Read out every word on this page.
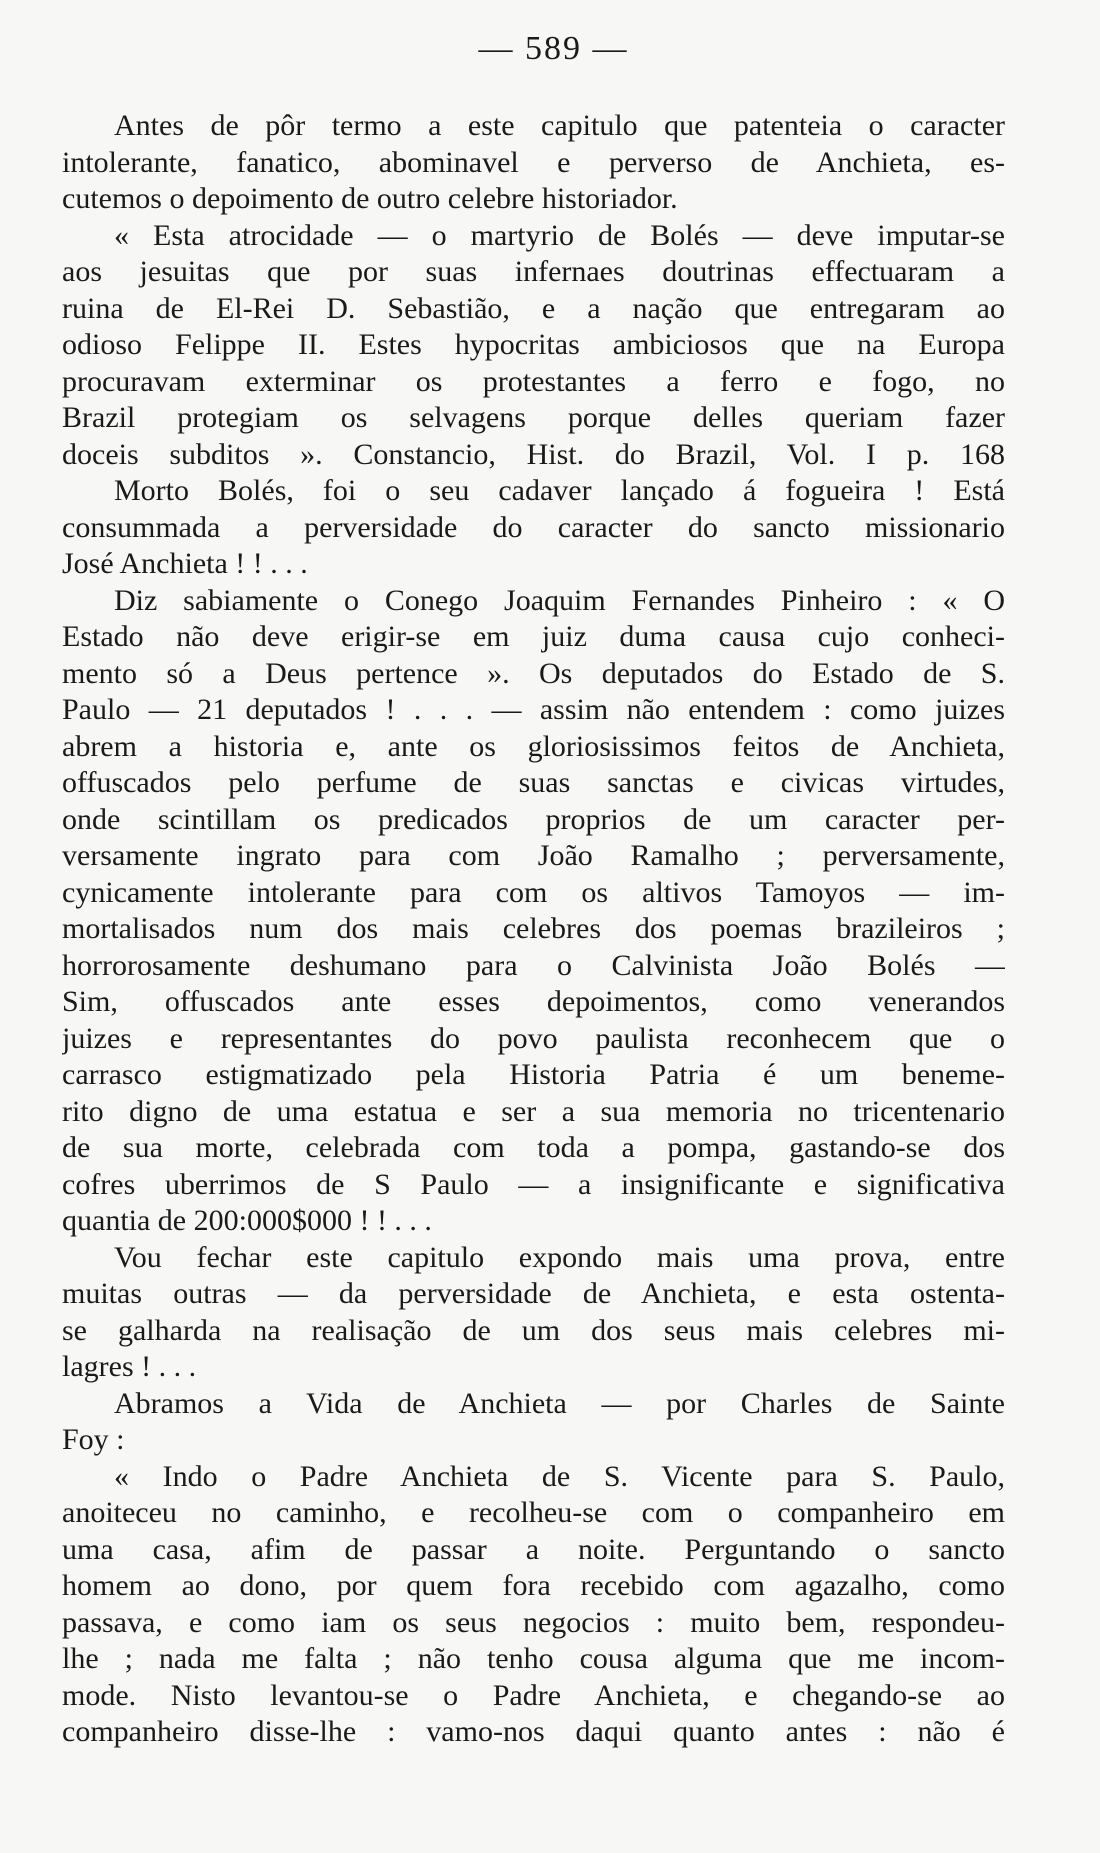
— 589 —
Antes de pôr termo a este capitulo que patenteia o caracter
intolerante, fanatico, abominavel e perverso de Anchieta, es-
cutemos o depoimento de outro celebre historiador.
« Esta atrocidade — o martyrio de Bolés — deve imputar-se
aos jesuitas que por suas infernaes doutrinas effectuaram a
ruina de El-Rei D. Sebastião, e a nação que entregaram ao
odioso Felippe II. Estes hypocritas ambiciosos que na Europa
procuravam exterminar os protestantes a ferro e fogo, no
Brazil protegiam os selvagens porque delles queriam fazer
doceis subditos ». Constancio, Hist. do Brazil, Vol. I p. 168
Morto Bolés, foi o seu cadaver lançado á fogueira ! Está
consummada a perversidade do caracter do sancto missionario
José Anchieta ! ! . . .
Diz sabiamente o Conego Joaquim Fernandes Pinheiro : « O
Estado não deve erigir-se em juiz duma causa cujo conheci-
mento só a Deus pertence ». Os deputados do Estado de S.
Paulo — 21 deputados ! . . . — assim não entendem : como juizes
abrem a historia e, ante os gloriosissimos feitos de Anchieta,
offuscados pelo perfume de suas sanctas e civicas virtudes,
onde scintillam os predicados proprios de um caracter per-
versamente ingrato para com João Ramalho ; perversamente,
cynicamente intolerante para com os altivos Tamoyos — im-
mortalisados num dos mais celebres dos poemas brazileiros ;
horrorosamente deshumano para o Calvinista João Bolés —
Sim, offuscados ante esses depoimentos, como venerandos
juizes e representantes do povo paulista reconhecem que o
carrasco estigmatizado pela Historia Patria é um beneme-
rito digno de uma estatua e ser a sua memoria no tricentenario
de sua morte, celebrada com toda a pompa, gastando-se dos
cofres uberrimos de S Paulo — a insignificante e significativa
quantia de 200:000$000 ! ! . . .
Vou fechar este capitulo expondo mais uma prova, entre
muitas outras — da perversidade de Anchieta, e esta ostenta-
se galharda na realisação de um dos seus mais celebres mi-
lagres ! . . .
Abramos a Vida de Anchieta — por Charles de Sainte
Foy :
« Indo o Padre Anchieta de S. Vicente para S. Paulo,
anoiteceu no caminho, e recolheu-se com o companheiro em
uma casa, afim de passar a noite. Perguntando o sancto
homem ao dono, por quem fora recebido com agazalho, como
passava, e como iam os seus negocios : muito bem, respondeu-
lhe ; nada me falta ; não tenho cousa alguma que me incom-
mode. Nisto levantou-se o Padre Anchieta, e chegando-se ao
companheiro disse-lhe : vamo-nos daqui quanto antes : não é
